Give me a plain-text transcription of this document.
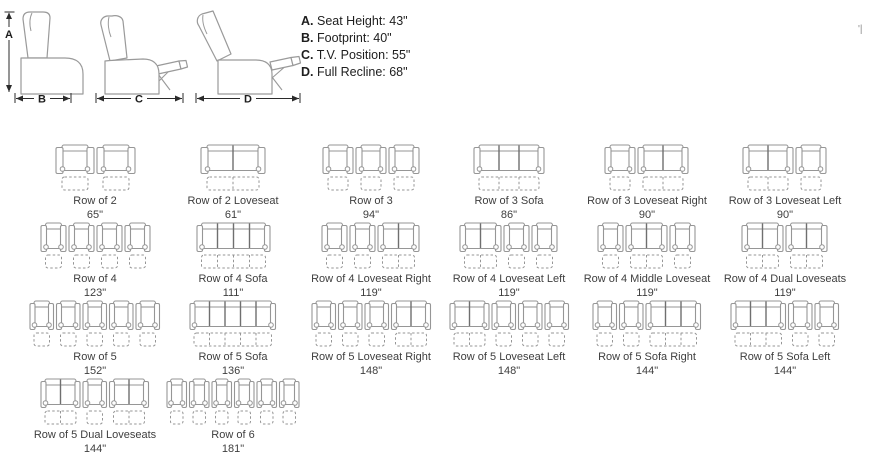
A
B	C	D
A. Seat Height: 43"
B. Footprint: 40"
C. T.V. Position: 55"
D. Full Recline: 68"
'|
Row of 2
65"
Row of 2 Loveseat
61"
Row of 3
94"
Row of 3 Sofa
86"
Row of 3 Loveseat Right
90"
Row of 3 Loveseat Left
90"
Row of 4
123"
Row of 4 Sofa
111"
Row of 4 Loveseat Right
119"
Row of 4 Loveseat Left
119"
Row of 4 Middle Loveseat
119"
Row of 4 Dual Loveseats
119"
Row of 5
152"
Row of 5 Sofa
136"
Row of 5 Loveseat Right
148"
Row of 5 Loveseat Left
148"
Row of 5 Sofa Right
144"
Row of 5 Sofa Left
144"
Row of 5 Dual Loveseats
144"
Row of 6
181"
